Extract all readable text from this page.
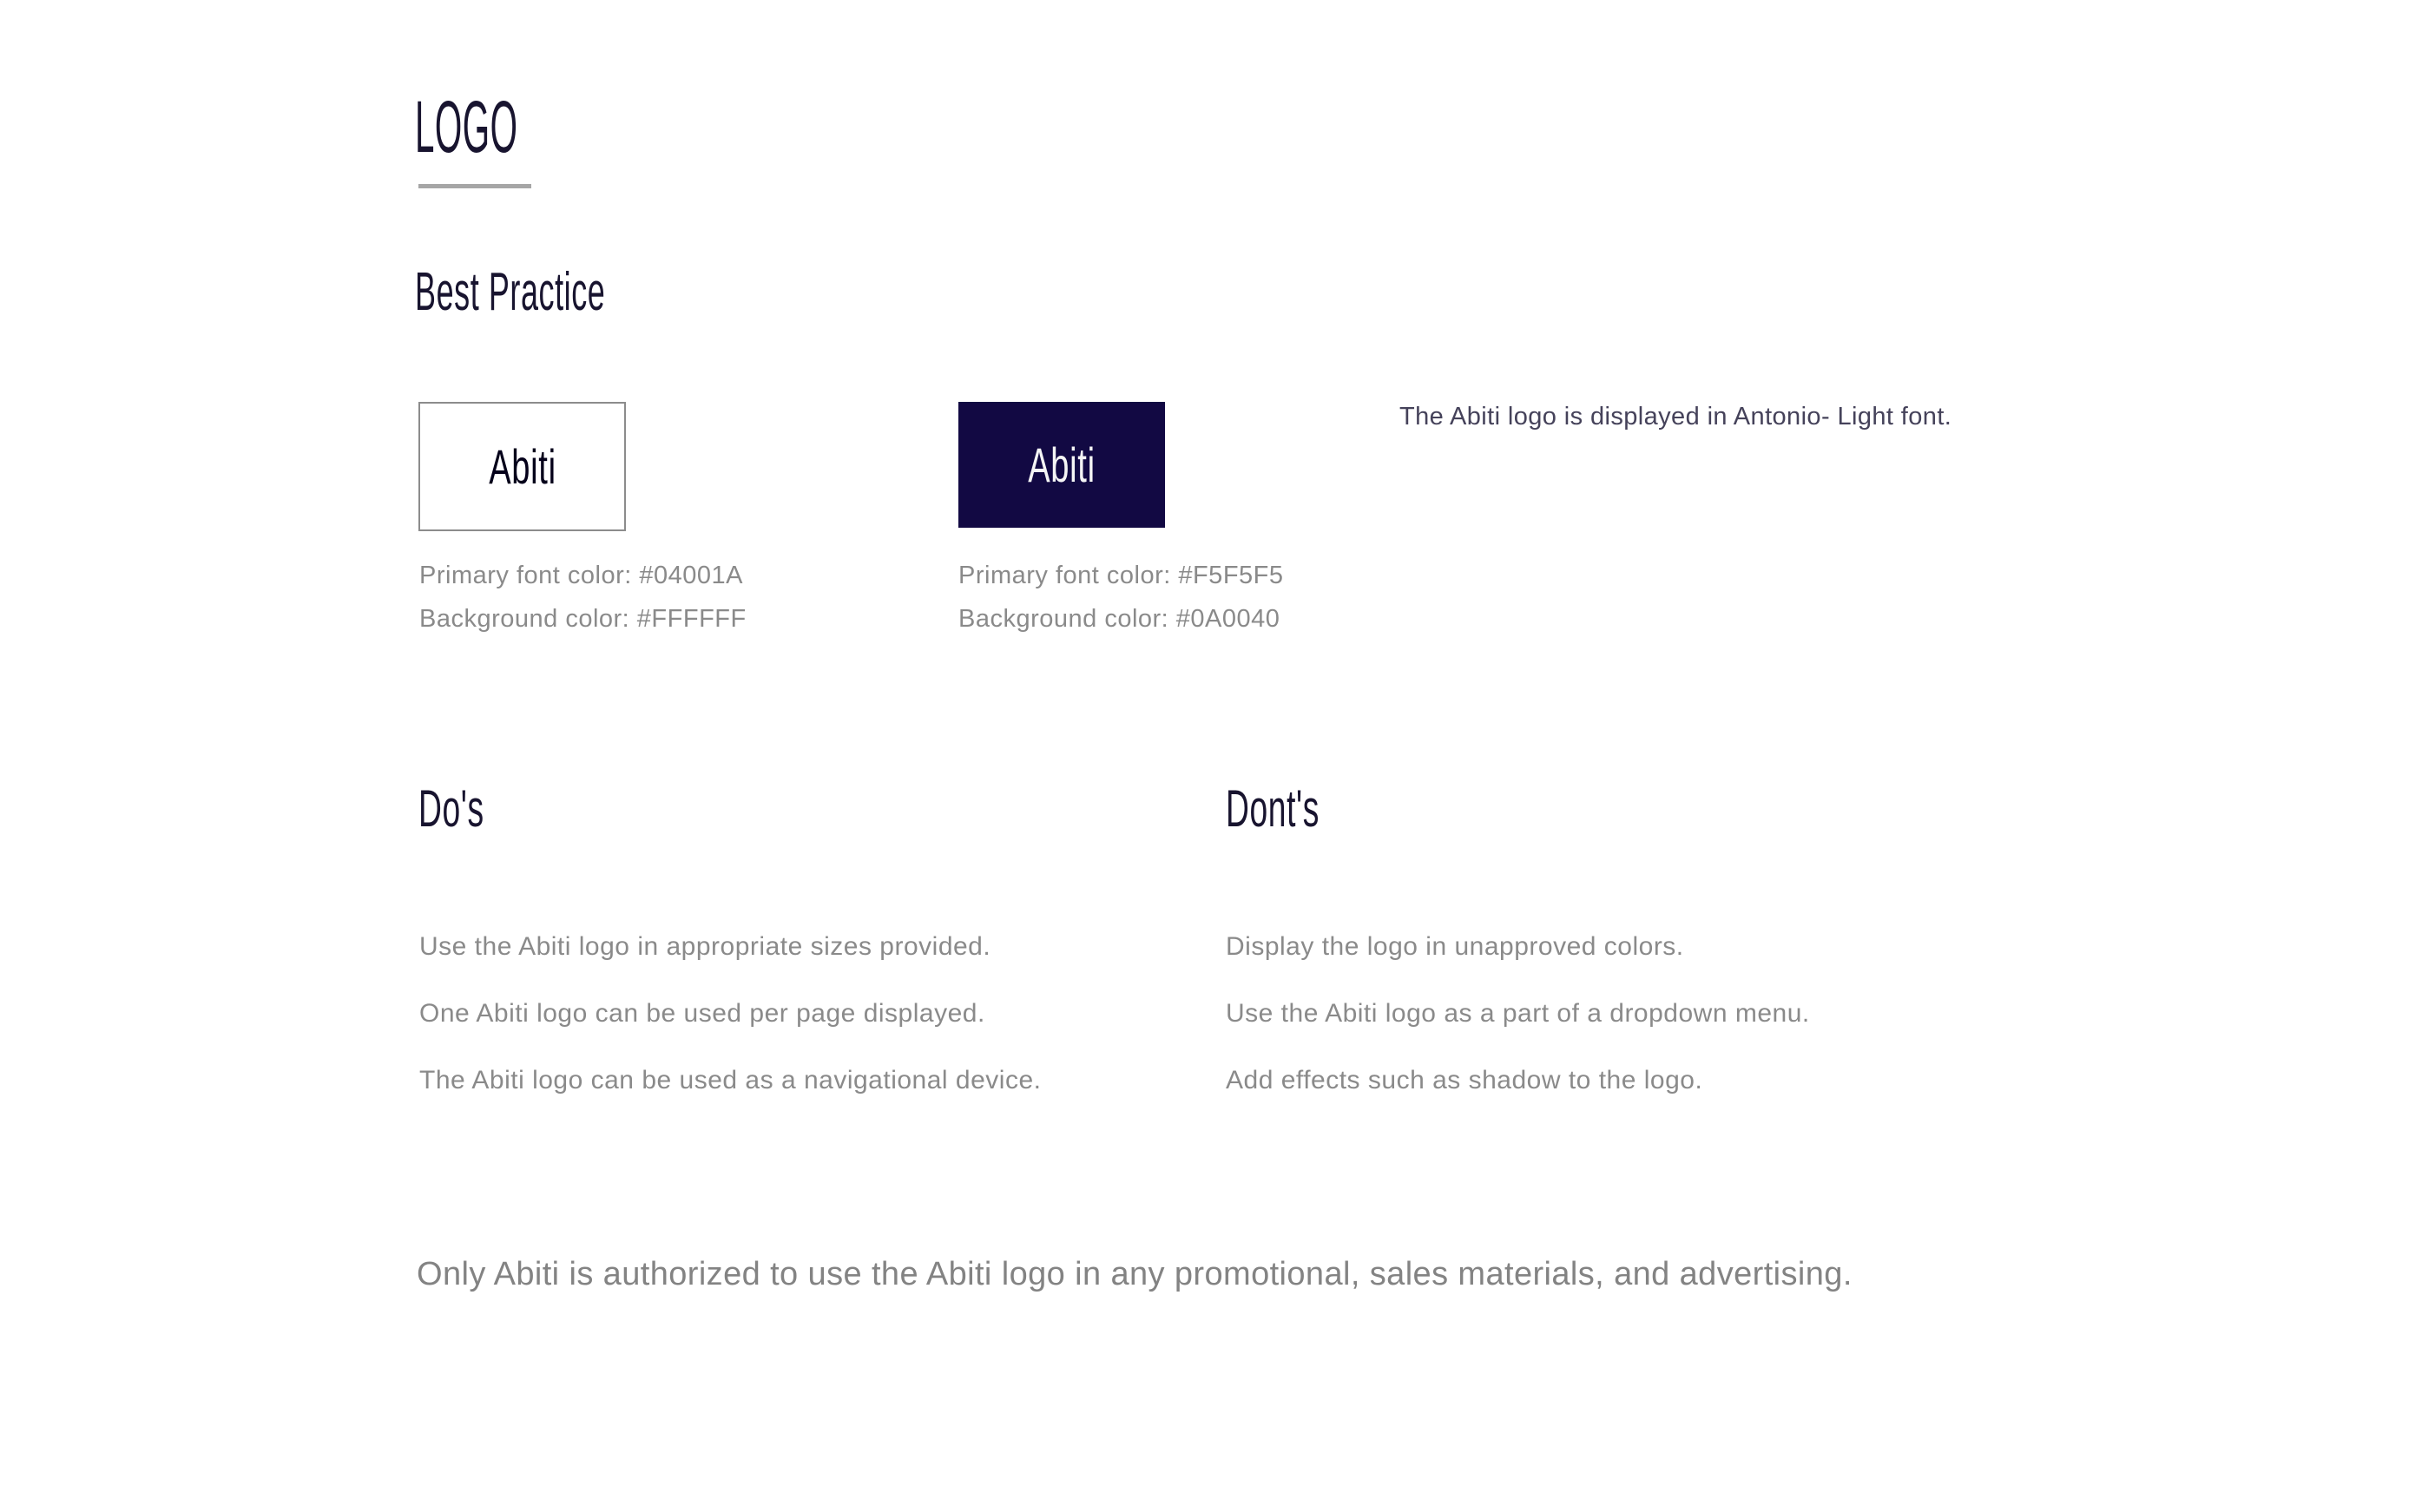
LOGO
Best Practice
Abiti	Abiti
Primary font color: #04001A
Background color: #FFFFFF
Primary font color: #F5F5F5
Background color: #0A0040

The Abiti logo is displayed in Antonio- Light font.

Do's	Dont's
Use the Abiti logo in appropriate sizes provided.
One Abiti logo can be used per page displayed.
The Abiti logo can be used as a navigational device.
Display the logo in unapproved colors.
Use the Abiti logo as a part of a dropdown menu.
Add effects such as shadow to the logo.

Only Abiti is authorized to use the Abiti logo in any promotional, sales materials, and advertising.
